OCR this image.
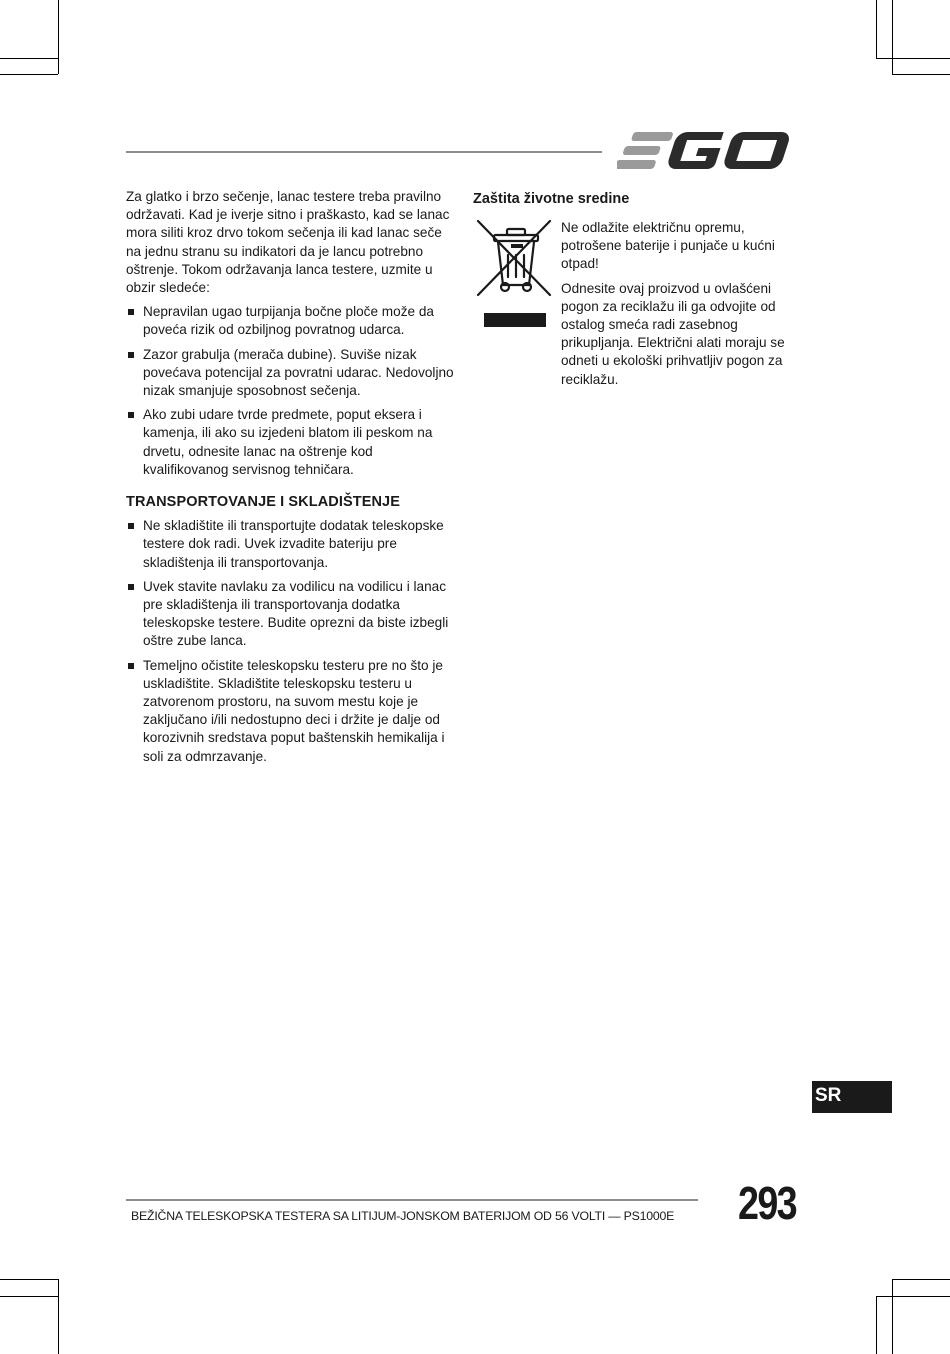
Za glatko i brzo sečenje, lanac testere treba pravilno održavati. Kad je iverje sitno i praškasto, kad se lanac mora siliti kroz drvo tokom sečenja ili kad lanac seče na jednu stranu su indikatori da je lancu potrebno oštrenje. Tokom održavanja lanca testere, uzmite u obzir sledeće:

Nepravilan ugao turpijanja bočne ploče može da poveća rizik od ozbiljnog povratnog udarca.
Zazor grabulja (merača dubine). Suviše nizak povećava potencijal za povratni udarac. Nedovoljno nizak smanjuje sposobnost sečenja.
Ako zubi udare tvrde predmete, poput eksera i kamenja, ili ako su izjedeni blatom ili peskom na drvetu, odnesite lanac na oštrenje kod kvalifikovanog servisnog tehničara.
TRANSPORTOVANJE I SKLADIŠTENJE
Ne skladištite ili transportujte dodatak teleskopske testere dok radi. Uvek izvadite bateriju pre skladištenja ili transportovanja.
Uvek stavite navlaku za vodilicu na vodilicu i lanac pre skladištenja ili transportovanja dodatka teleskopske testere. Budite oprezni da biste izbegli oštre zube lanca.
Temeljno očistite teleskopsku testeru pre no što je uskladištite. Skladištite teleskopsku testeru u zatvorenom prostoru, na suvom mestu koje je zaključano i/ili nedostupno deci i držite je dalje od korozivnih sredstava poput baštenskih hemikalija i soli za odmrzavanje.
Zaštita životne sredine

Ne odlažite električnu opremu, potrošene baterije i punjače u kućni otpad!

Odnesite ovaj proizvod u ovlašćeni pogon za reciklažu ili ga odvojite od ostalog smeća radi zasebnog prikupljanja. Električni alati moraju se odneti u ekološki prihvatljiv pogon za reciklažu.

SR
BEŽIČNA TELESKOPSKA TESTERA SA LITIJUM-JONSKOM BATERIJOM OD 56 VOLTI — PS1000E 293
